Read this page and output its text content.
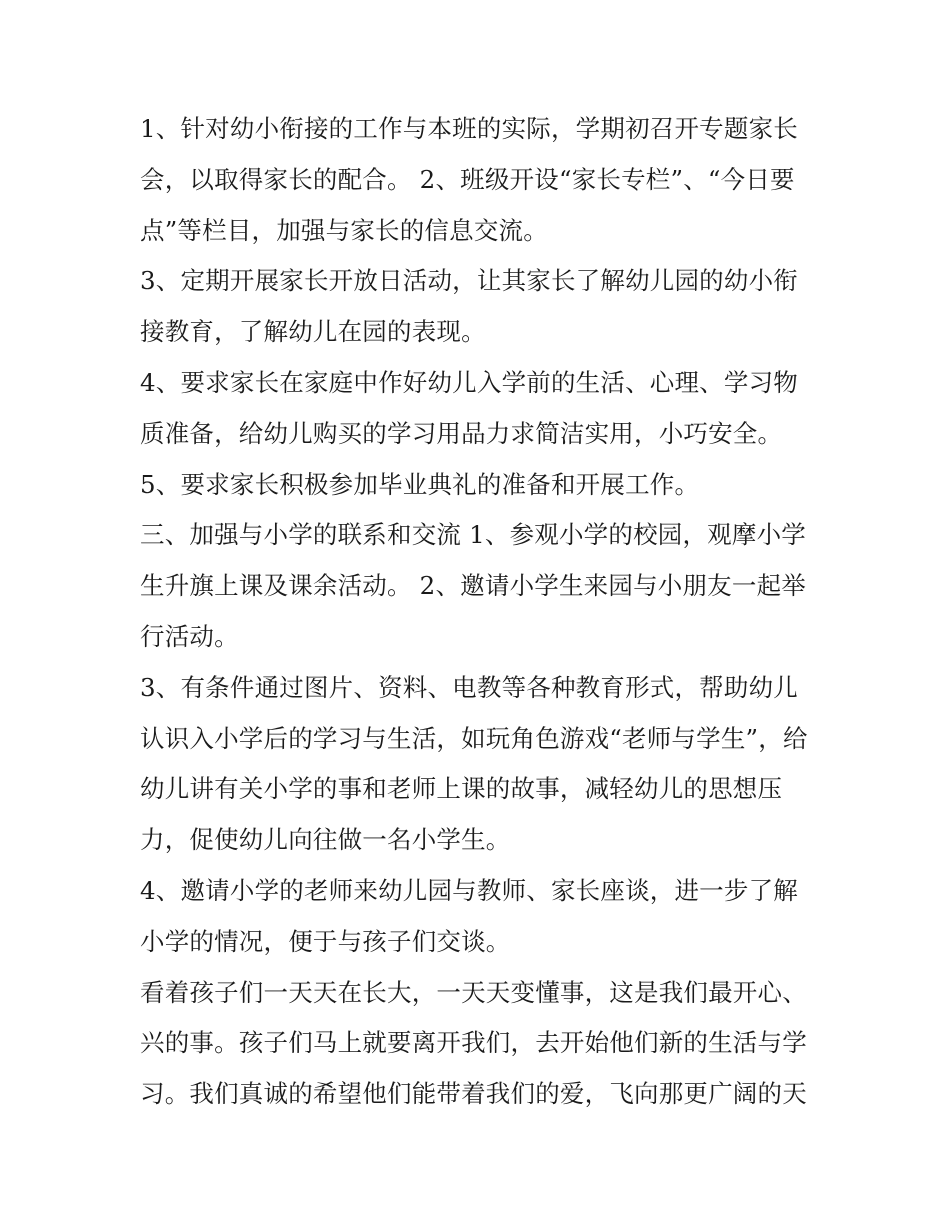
1、针对幼小衔接的工作与本班的实际，学期初召开专题家长
会，以取得家长的配合。 2、班级开设“家长专栏”、“今日要
点”等栏目，加强与家长的信息交流。
3、定期开展家长开放日活动，让其家长了解幼儿园的幼小衔
接教育，了解幼儿在园的表现。
4、要求家长在家庭中作好幼儿入学前的生活、心理、学习物
质准备，给幼儿购买的学习用品力求简洁实用，小巧安全。
5、要求家长积极参加毕业典礼的准备和开展工作。
三、加强与小学的联系和交流 1、参观小学的校园，观摩小学
生升旗上课及课余活动。 2、邀请小学生来园与小朋友一起举
行活动。
3、有条件通过图片、资料、电教等各种教育形式，帮助幼儿
认识入小学后的学习与生活，如玩角色游戏“老师与学生”，给
幼儿讲有关小学的事和老师上课的故事，减轻幼儿的思想压
力，促使幼儿向往做一名小学生。
4、邀请小学的老师来幼儿园与教师、家长座谈，进一步了解
小学的情况，便于与孩子们交谈。
看着孩子们一天天在长大，一天天变懂事，这是我们最开心、
兴的事。孩子们马上就要离开我们，去开始他们新的生活与学
习。我们真诚的希望他们能带着我们的爱，飞向那更广阔的天
